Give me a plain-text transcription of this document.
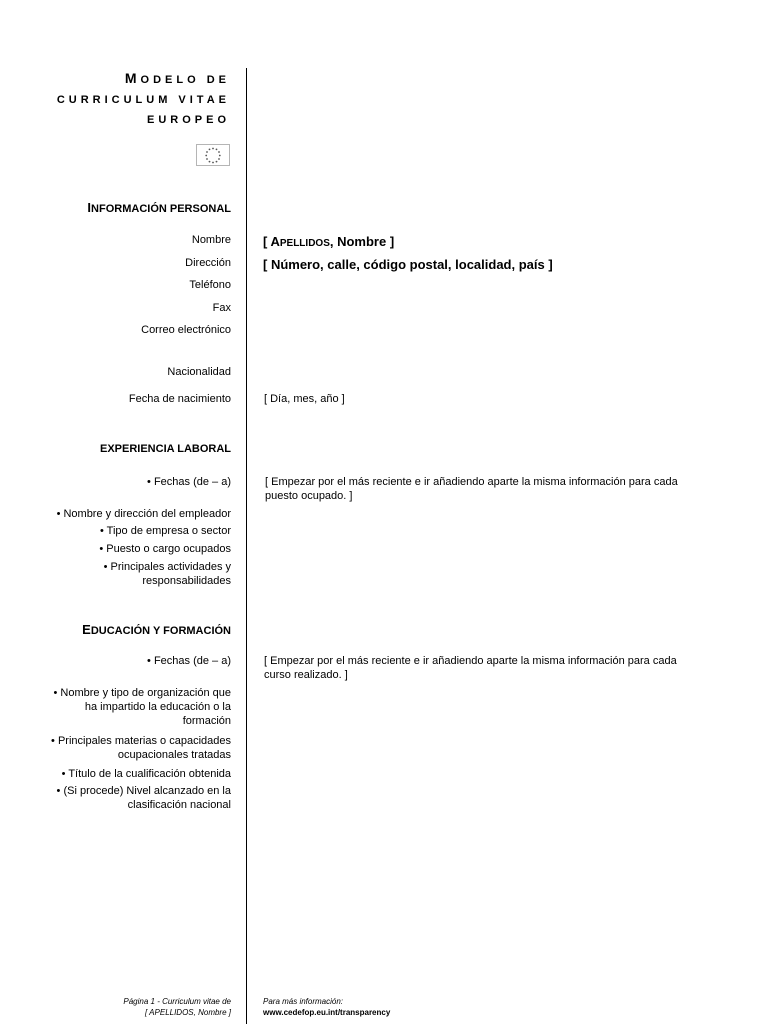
MODELO DE
CURRICULUM VITAE
EUROPEO
INFORMACIÓN PERSONAL
Nombre
Dirección
Teléfono
Fax
Correo electrónico
Nacionalidad
Fecha de nacimiento
[ APELLIDOS, Nombre ]
[ Número, calle, código postal, localidad, país ]
[ Día, mes, año ]
EXPERIENCIA LABORAL
• Fechas (de – a)
• Nombre y dirección del empleador
• Tipo de empresa o sector
• Puesto o cargo ocupados
• Principales actividades y responsabilidades
[ Empezar por el más reciente e ir añadiendo aparte la misma información para cada puesto ocupado. ]
EDUCACIÓN Y FORMACIÓN
• Fechas (de – a)
• Nombre y tipo de organización que ha impartido la educación o la formación
• Principales materias o capacidades ocupacionales tratadas
• Título de la cualificación obtenida
• (Si procede) Nivel alcanzado en la clasificación nacional
[ Empezar por el más reciente e ir añadiendo aparte la misma información para cada curso realizado. ]
Página 1 - Curriculum vitae de
[ APELLIDOS, Nombre ]
Para más información:
www.cedefop.eu.int/transparency
